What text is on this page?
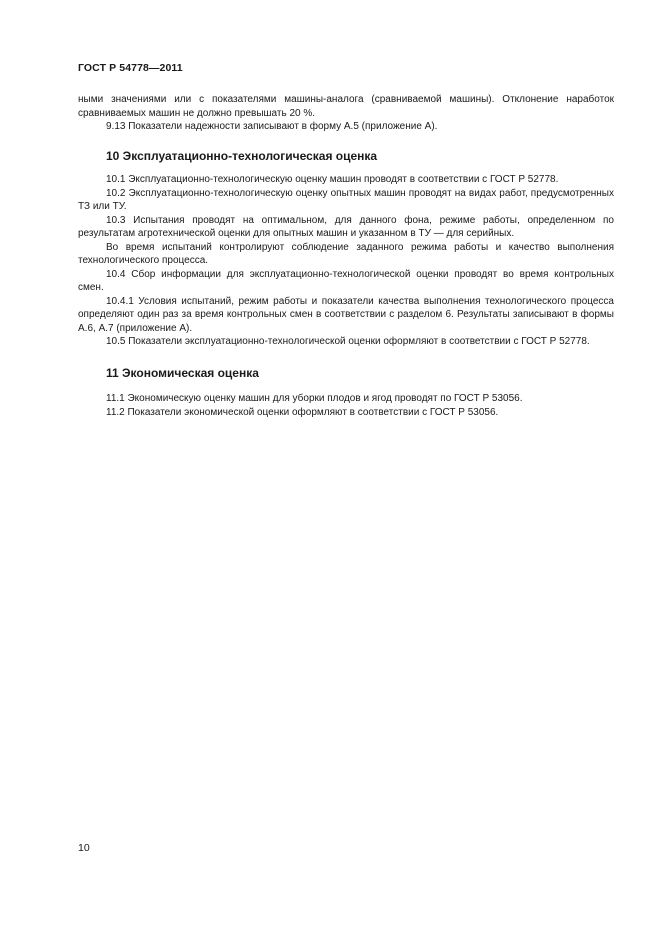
ГОСТ Р 54778—2011

ными значениями или с показателями машины-аналога (сравниваемой машины). Отклонение наработок сравниваемых машин не должно превышать 20 %.

9.13 Показатели надежности записывают в форму А.5 (приложение А).

10 Эксплуатационно-технологическая оценка

10.1 Эксплуатационно-технологическую оценку машин проводят в соответствии с ГОСТ Р 52778.

10.2 Эксплуатационно-технологическую оценку опытных машин проводят на видах работ, предусмотренных ТЗ или ТУ.

10.3 Испытания проводят на оптимальном, для данного фона, режиме работы, определенном по результатам агротехнической оценки для опытных машин и указанном в ТУ — для серийных.

Во время испытаний контролируют соблюдение заданного режима работы и качество выполнения технологического процесса.

10.4 Сбор информации для эксплуатационно-технологической оценки проводят во время контрольных смен.

10.4.1 Условия испытаний, режим работы и показатели качества выполнения технологического процесса определяют один раз за время контрольных смен в соответствии с разделом 6. Результаты записывают в формы А.6, А.7 (приложение А).

10.5 Показатели эксплуатационно-технологической оценки оформляют в соответствии с ГОСТ Р 52778.

11 Экономическая оценка

11.1 Экономическую оценку машин для уборки плодов и ягод проводят по ГОСТ Р 53056.

11.2 Показатели экономической оценки оформляют в соответствии с ГОСТ Р 53056.

10
